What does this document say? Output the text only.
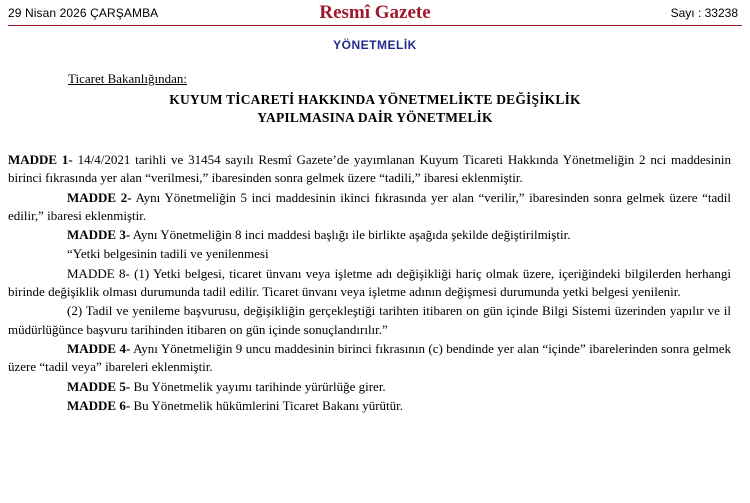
29 Nisan 2026 ÇARŞAMBA	Resmî Gazete	Sayı : 33238
YÖNETMELİK
Ticaret Bakanlığından:
KUYUM TİCARETİ HAKKINDA YÖNETMELİKTE DEĞİŞİKLİK
YAPILMASINA DAİR YÖNETMELİK

MADDE 1- 14/4/2021 tarihli ve 31454 sayılı Resmî Gazete’de yayımlanan Kuyum Ticareti Hakkında Yönetmeliğin 2 nci maddesinin birinci fıkrasında yer alan “verilmesi,” ibaresinden sonra gelmek üzere “tadili,” ibaresi eklenmiştir.

MADDE 2- Aynı Yönetmeliğin 5 inci maddesinin ikinci fıkrasında yer alan “verilir,” ibaresinden sonra gelmek üzere “tadil edilir,” ibaresi eklenmiştir.

MADDE 3- Aynı Yönetmeliğin 8 inci maddesi başlığı ile birlikte aşağıda şekilde değiştirilmiştir.

“Yetki belgesinin tadili ve yenilenmesi

MADDE 8- (1) Yetki belgesi, ticaret ünvanı veya işletme adı değişikliği hariç olmak üzere, içeriğindeki bilgilerden herhangi birinde değişiklik olması durumunda tadil edilir. Ticaret ünvanı veya işletme adının değişmesi durumunda yetki belgesi yenilenir.

(2) Tadil ve yenileme başvurusu, değişikliğin gerçekleştiği tarihten itibaren on gün içinde Bilgi Sistemi üzerinden yapılır ve il müdürlüğünce başvuru tarihinden itibaren on gün içinde sonuçlandırılır.”

MADDE 4- Aynı Yönetmeliğin 9 uncu maddesinin birinci fıkrasının (c) bendinde yer alan “içinde” ibarelerinden sonra gelmek üzere “tadil veya” ibareleri eklenmiştir.

MADDE 5- Bu Yönetmelik yayımı tarihinde yürürlüğe girer.

MADDE 6- Bu Yönetmelik hükümlerini Ticaret Bakanı yürütür.
